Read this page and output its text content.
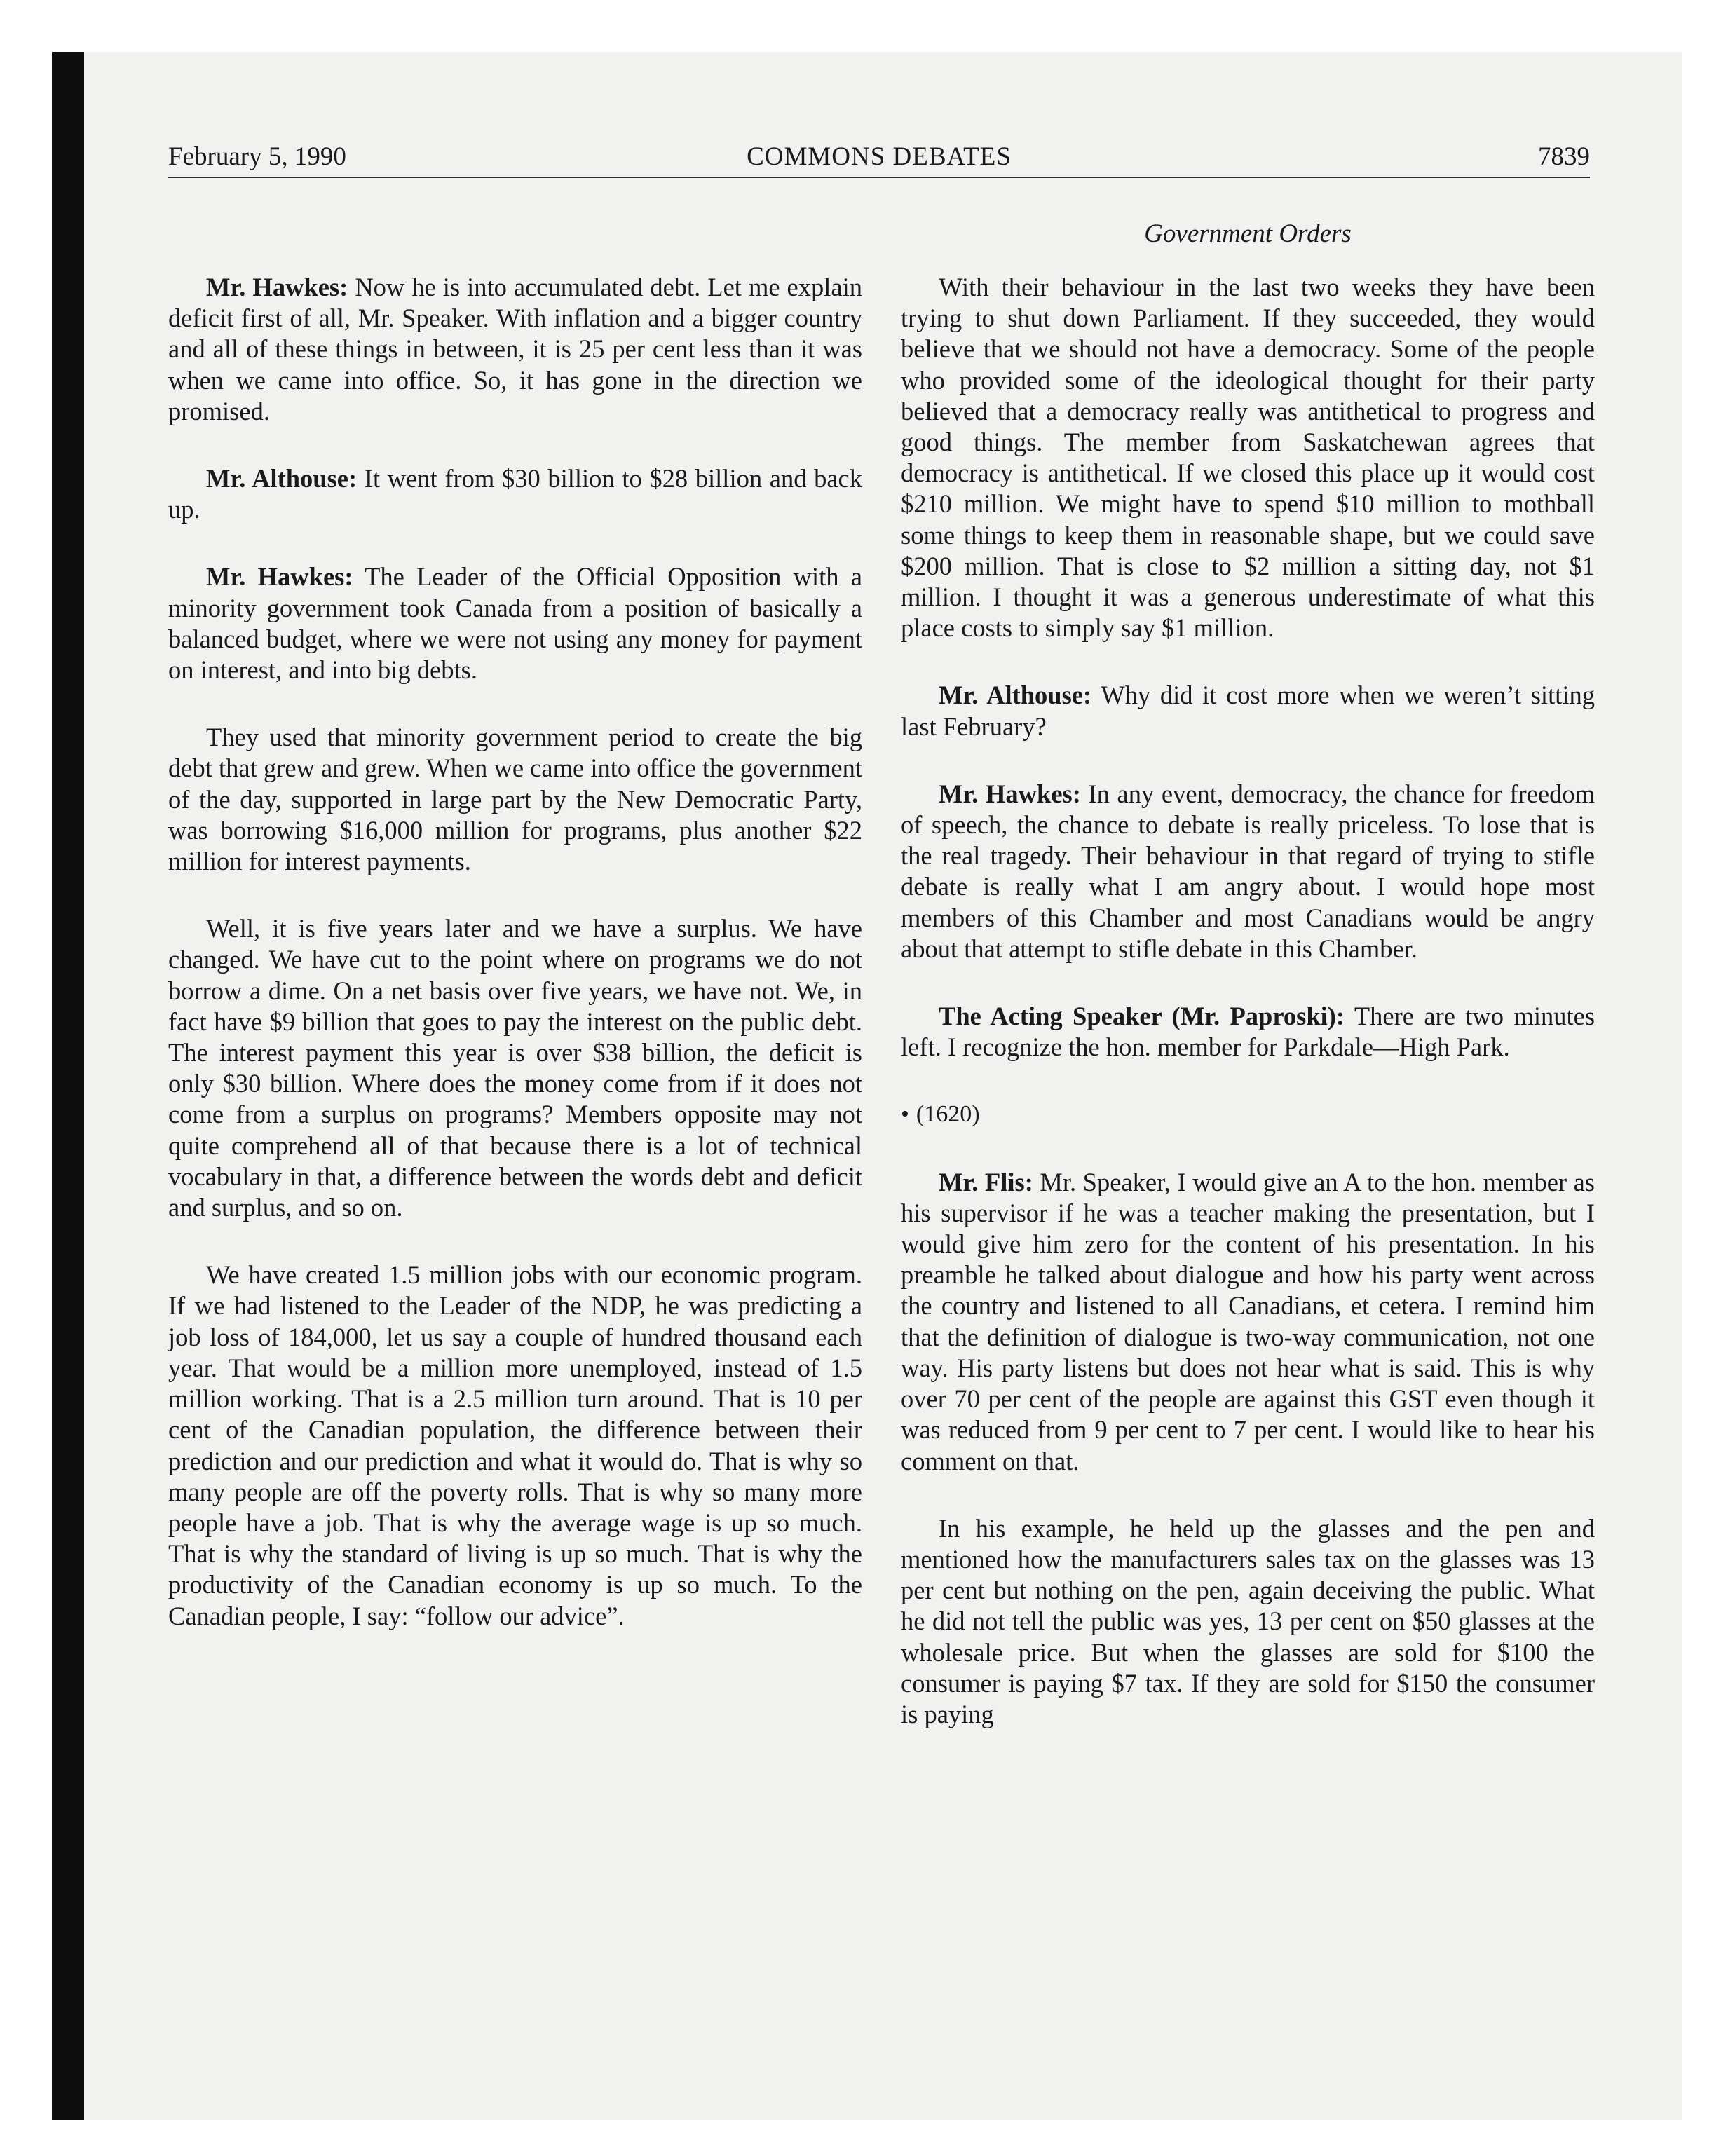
February 5, 1990	COMMONS DEBATES	7839
Government Orders

Mr. Hawkes: Now he is into accumulated debt. Let me explain deficit first of all, Mr. Speaker. With inflation and a bigger country and all of these things in between, it is 25 per cent less than it was when we came into office. So, it has gone in the direction we promised.

Mr. Althouse: It went from $30 billion to $28 billion and back up.

Mr. Hawkes: The Leader of the Official Opposition with a minority government took Canada from a position of basically a balanced budget, where we were not using any money for payment on interest, and into big debts.

They used that minority government period to create the big debt that grew and grew. When we came into office the government of the day, supported in large part by the New Democratic Party, was borrowing $16,000 million for programs, plus another $22 million for interest payments.

Well, it is five years later and we have a surplus. We have changed. We have cut to the point where on programs we do not borrow a dime. On a net basis over five years, we have not. We, in fact have $9 billion that goes to pay the interest on the public debt. The interest payment this year is over $38 billion, the deficit is only $30 billion. Where does the money come from if it does not come from a surplus on programs? Members opposite may not quite comprehend all of that because there is a lot of technical vocabulary in that, a difference between the words debt and deficit and surplus, and so on.

We have created 1.5 million jobs with our economic program. If we had listened to the Leader of the NDP, he was predicting a job loss of 184,000, let us say a couple of hundred thousand each year. That would be a million more unemployed, instead of 1.5 million working. That is a 2.5 million turn around. That is 10 per cent of the Canadian population, the difference between their prediction and our prediction and what it would do. That is why so many people are off the poverty rolls. That is why so many more people have a job. That is why the average wage is up so much. That is why the standard of living is up so much. That is why the productivity of the Canadian economy is up so much. To the Canadian people, I say: “follow our advice”.

With their behaviour in the last two weeks they have been trying to shut down Parliament. If they succeeded, they would believe that we should not have a democracy. Some of the people who provided some of the ideological thought for their party believed that a democracy really was antithetical to progress and good things. The member from Saskatchewan agrees that democracy is antithetical. If we closed this place up it would cost $210 million. We might have to spend $10 million to mothball some things to keep them in reasonable shape, but we could save $200 million. That is close to $2 million a sitting day, not $1 million. I thought it was a generous underestimate of what this place costs to simply say $1 million.

Mr. Althouse: Why did it cost more when we weren’t sitting last February?

Mr. Hawkes: In any event, democracy, the chance for freedom of speech, the chance to debate is really priceless. To lose that is the real tragedy. Their behaviour in that regard of trying to stifle debate is really what I am angry about. I would hope most members of this Chamber and most Canadians would be angry about that attempt to stifle debate in this Chamber.

The Acting Speaker (Mr. Paproski): There are two minutes left. I recognize the hon. member for Parkdale—High Park.

• (1620)

Mr. Flis: Mr. Speaker, I would give an A to the hon. member as his supervisor if he was a teacher making the presentation, but I would give him zero for the content of his presentation. In his preamble he talked about dialogue and how his party went across the country and listened to all Canadians, et cetera. I remind him that the definition of dialogue is two-way communication, not one way. His party listens but does not hear what is said. This is why over 70 per cent of the people are against this GST even though it was reduced from 9 per cent to 7 per cent. I would like to hear his comment on that.

In his example, he held up the glasses and the pen and mentioned how the manufacturers sales tax on the glasses was 13 per cent but nothing on the pen, again deceiving the public. What he did not tell the public was yes, 13 per cent on $50 glasses at the wholesale price. But when the glasses are sold for $100 the consumer is paying $7 tax. If they are sold for $150 the consumer is paying
